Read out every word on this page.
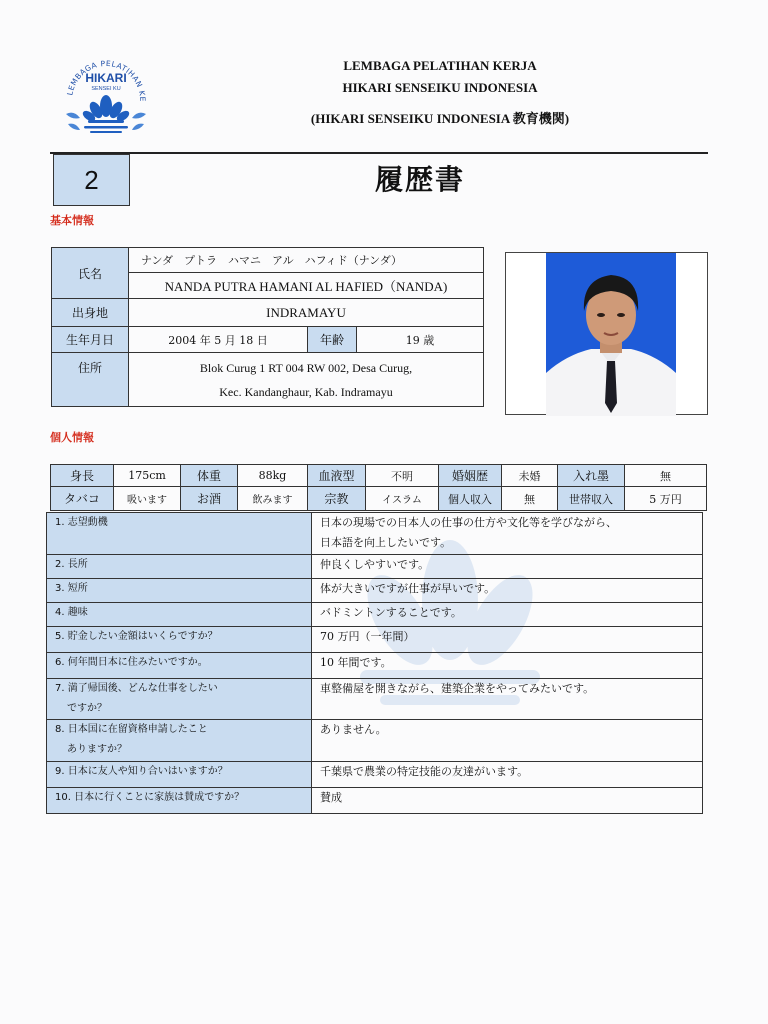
LEMBAGA PELATIHAN KE
HIKARI
SENSEI KU
LEMBAGA PELATIHAN KERJA
HIKARI SENSEIKU INDONESIA
(HIKARI SENSEIKU INDONESIA 教育機関)
2	履歴書
基本情報
氏名	ナンダ　プトラ　ハマニ　アル　ハフィド（ナンダ）		
	NANDA PUTRA HAMANI AL HAFIED（NANDA)		
出身地	INDRAMAYU		
生年月日	2004 年 5 月 18 日	年齢	19 歳
住所	Blok Curug 1 RT 004 RW 002, Desa Curug,
Kec. Kandanghaur, Kab. Indramayu		
個人情報
身長	175cm	体重	88kg	血液型	不明	婚姻歴	未婚	入れ墨	無
タバコ	吸います	お酒	飲みます	宗教	イスラム	個人収入	無	世帯収入	5 万円
1. 志望動機	日本の現場での日本人の仕事の仕方や文化等を学びながら、
日本語を向上したいです。

2. 長所	仲良くしやすいです。

3. 短所	体が大きいですが仕事が早いです。

4. 趣味	バドミントンすることです。

5. 貯金したい金額はいくらですか？	70 万円（一年間）

6. 何年間日本に住みたいですか。	10 年間です。

7. 満了帰国後、どんな仕事をしたい
ですか？	車整備屋を開きながら、建築企業をやってみたいです。

8. 日本国に在留資格申請したこと
ありますか？	ありません。

9. 日本に友人や知り合いはいますか？	千葉県で農業の特定技能の友達がいます。

10. 日本に行くことに家族は賛成ですか？	賛成
